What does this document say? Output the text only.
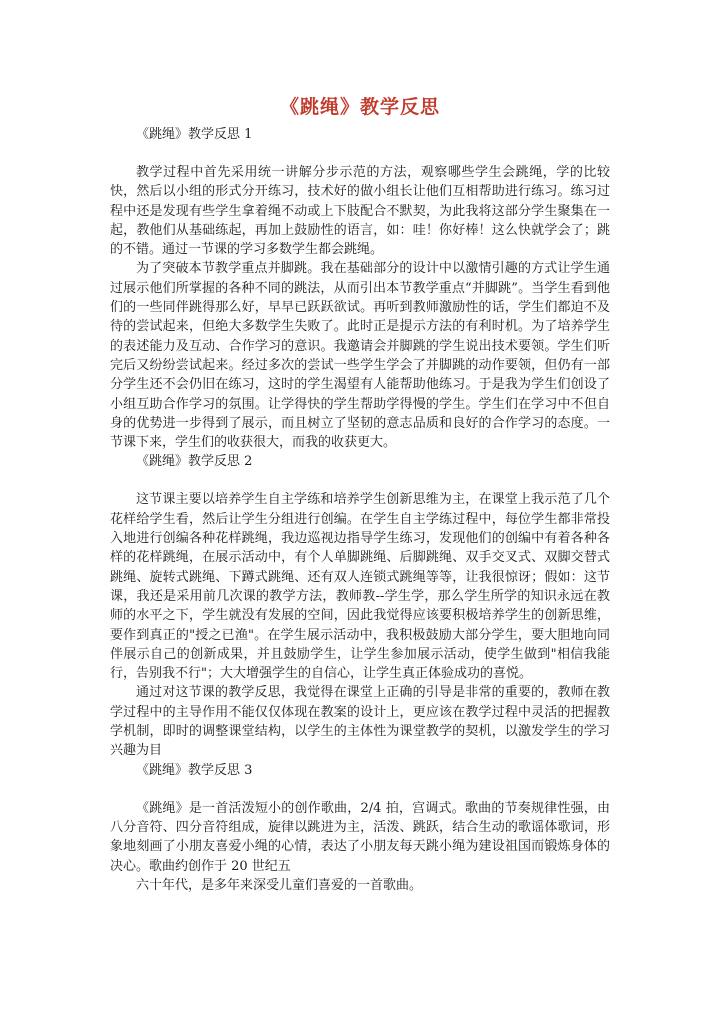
《跳绳》教学反思

《跳绳》教学反思 1

教学过程中首先采用统一讲解分步示范的方法，观察哪些学生会跳绳，学的比较快，然后以小组的形式分开练习，技术好的做小组长让他们互相帮助进行练习。练习过程中还是发现有些学生拿着绳不动或上下肢配合不默契，为此我将这部分学生聚集在一起，教他们从基础练起，再加上鼓励性的语言，如：哇！你好棒！这么快就学会了；跳的不错。通过一节课的学习多数学生都会跳绳。

为了突破本节教学重点并脚跳。我在基础部分的设计中以激情引趣的方式让学生通过展示他们所掌握的各种不同的跳法，从而引出本节教学重点“并脚跳”。当学生看到他们的一些同伴跳得那么好，早早已跃跃欲试。再听到教师激励性的话，学生们都迫不及待的尝试起来，但绝大多数学生失败了。此时正是提示方法的有利时机。为了培养学生的表述能力及互动、合作学习的意识。我邀请会并脚跳的学生说出技术要领。学生们听完后又纷纷尝试起来。经过多次的尝试一些学生学会了并脚跳的动作要领，但仍有一部分学生还不会仍旧在练习，这时的学生渴望有人能帮助他练习。于是我为学生们创设了小组互助合作学习的氛围。让学得快的学生帮助学得慢的学生。学生们在学习中不但自身的优势进一步得到了展示，而且树立了坚韧的意志品质和良好的合作学习的态度。一节课下来，学生们的收获很大，而我的收获更大。

《跳绳》教学反思 2

这节课主要以培养学生自主学练和培养学生创新思维为主，在课堂上我示范了几个花样给学生看，然后让学生分组进行创编。在学生自主学练过程中，每位学生都非常投入地进行创编各种花样跳绳，我边巡视边指导学生练习，发现他们的创编中有着各种各样的花样跳绳，在展示活动中，有个人单脚跳绳、后脚跳绳、双手交叉式、双脚交替式跳绳、旋转式跳绳、下蹲式跳绳、还有双人连锁式跳绳等等，让我很惊讶；假如：这节课，我还是采用前几次课的教学方法，教师教--学生学，那么学生所学的知识永远在教师的水平之下，学生就没有发展的空间，因此我觉得应该要积极培养学生的创新思维，要作到真正的"授之已渔"。在学生展示活动中，我积极鼓励大部分学生，要大胆地向同伴展示自己的创新成果，并且鼓励学生，让学生参加展示活动，使学生做到"相信我能行，告别我不行"；大大增强学生的自信心，让学生真正体验成功的喜悦。

通过对这节课的教学反思，我觉得在课堂上正确的引导是非常的重要的，教师在教学过程中的主导作用不能仅仅体现在教案的设计上，更应该在教学过程中灵活的把握教学机制，即时的调整课堂结构，以学生的主体性为课堂教学的契机，以激发学生的学习兴趣为目

《跳绳》教学反思 3

《跳绳》是一首活泼短小的创作歌曲，2/4 拍，宫调式。歌曲的节奏规律性强，由八分音符、四分音符组成，旋律以跳进为主，活泼、跳跃，结合生动的歌谣体歌词，形象地刻画了小朋友喜爱小绳的心情，表达了小朋友每天跳小绳为建设祖国而锻炼身体的决心。歌曲约创作于 20 世纪五

六十年代，是多年来深受儿童们喜爱的一首歌曲。
